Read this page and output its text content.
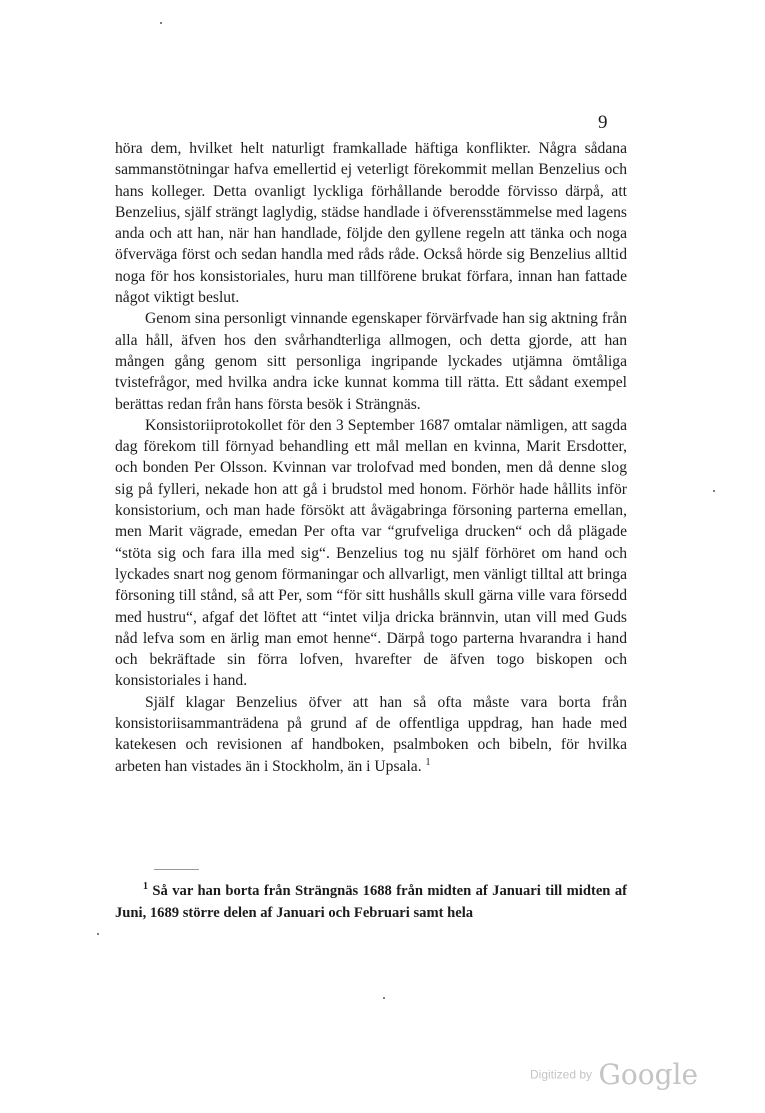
9

höra dem, hvilket helt naturligt framkallade häftiga konflikter. Några sådana sammanstötningar hafva emellertid ej veterligt förekommit mellan Benzelius och hans kolleger. Detta ovanligt lyckliga förhållande berodde förvisso därpå, att Benzelius, själf strängt laglydig, städse handlade i öfverensstämmelse med lagens anda och att han, när han handlade, följde den gyllene regeln att tänka och noga öfverväga först och sedan handla med råds råde. Också hörde sig Benzelius alltid noga för hos konsistoriales, huru man tillförene brukat förfara, innan han fattade något viktigt beslut.

Genom sina personligt vinnande egenskaper förvärfvade han sig aktning från alla håll, äfven hos den svårhandterliga allmogen, och detta gjorde, att han mången gång genom sitt personliga ingripande lyckades utjämna ömtåliga tvistefrågor, med hvilka andra icke kunnat komma till rätta. Ett sådant exempel berättas redan från hans första besök i Strängnäs.

Konsistoriiprotokollet för den 3 September 1687 omtalar nämligen, att sagda dag förekom till förnyad behandling ett mål mellan en kvinna, Marit Ersdotter, och bonden Per Olsson. Kvinnan var trolofvad med bonden, men då denne slog sig på fylleri, nekade hon att gå i brudstol med honom. Förhör hade hållits inför konsistorium, och man hade försökt att åvägabringa försoning parterna emellan, men Marit vägrade, emedan Per ofta var “grufveliga drucken“ och då plägade “stöta sig och fara illa med sig“. Benzelius tog nu själf förhöret om hand och lyckades snart nog genom förmaningar och allvarligt, men vänligt tilltal att bringa försoning till stånd, så att Per, som “för sitt hushålls skull gärna ville vara försedd med hustru“, afgaf det löftet att “intet vilja dricka brännvin, utan vill med Guds nåd lefva som en ärlig man emot henne“. Därpå togo parterna hvarandra i hand och bekräftade sin förra lofven, hvarefter de äfven togo biskopen och konsistoriales i hand.

Själf klagar Benzelius öfver att han så ofta måste vara borta från konsistoriisammanträdena på grund af de offentliga uppdrag, han hade med katekesen och revisionen af handboken, psalmboken och bibeln, för hvilka arbeten han vistades än i Stockholm, än i Upsala. $^1$

$^1$ Så var han borta från Strängnäs 1688 från midten af Januari till midten af Juni, 1689 större delen af Januari och Februari samt hela

Digitized by Google
